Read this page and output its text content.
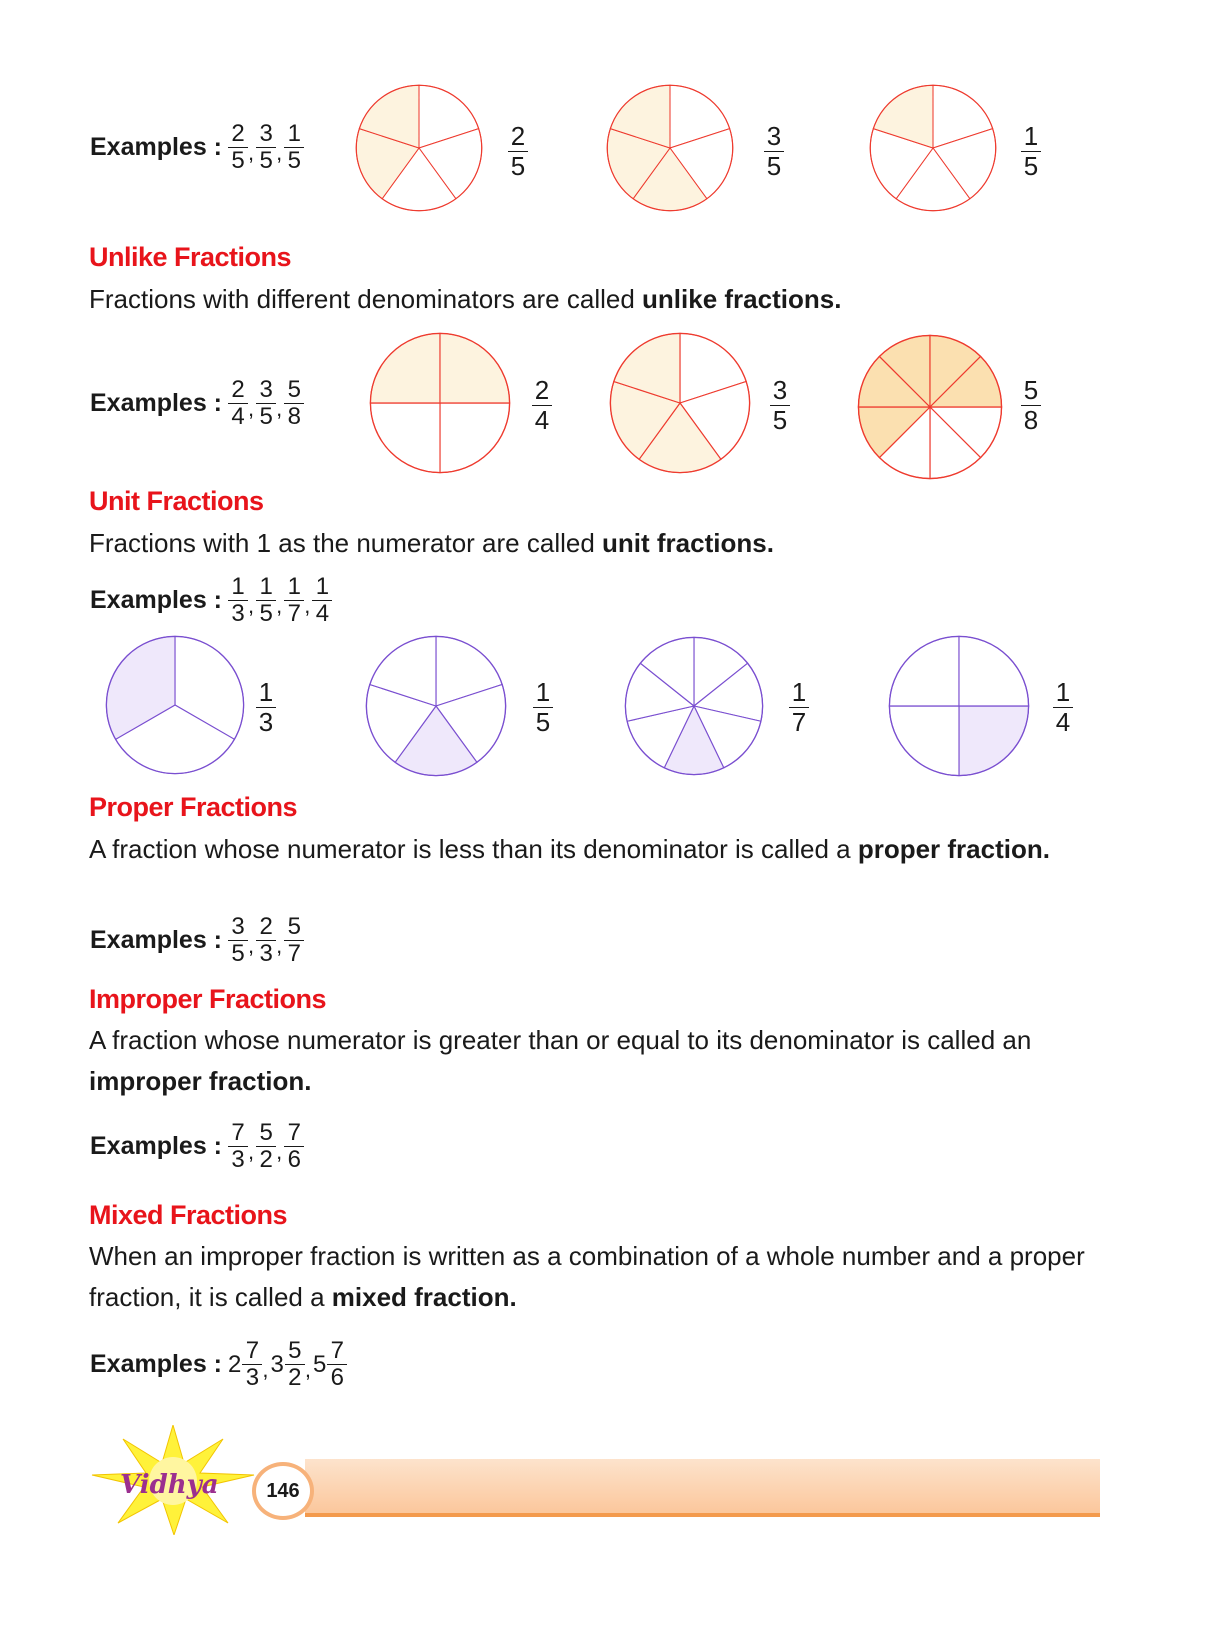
Examples : $\frac{2}{5}$ , $\frac{3}{5}$ , $\frac{1}{5}$
Unlike Fractions
Fractions with different denominators are called unlike fractions.
Examples : $\frac{2}{4}$ , $\frac{3}{5}$ , $\frac{5}{8}$
Unit Fractions
Fractions with 1 as the numerator are called unit fractions.
Examples : $\frac{1}{3}$ , $\frac{1}{5}$ , $\frac{1}{7}$ , $\frac{1}{4}$
Proper Fractions
A fraction whose numerator is less than its denominator is called a proper fraction.
Examples : $\frac{3}{5}$ , $\frac{2}{3}$ , $\frac{5}{7}$
Improper Fractions
A fraction whose numerator is greater than or equal to its denominator is called an improper fraction.
Examples : $\frac{7}{3}$ , $\frac{5}{2}$ , $\frac{7}{6}$
Mixed Fractions
When an improper fraction is written as a combination of a whole number and a proper fraction, it is called a mixed fraction.
Examples : $2 \frac{7}{3}$ , $3 \frac{5}{2}$ , $5 \frac{7}{6}$
Vidhya	146
2
5
3
5
1
5
2
4
3
5
5
8
1
3
1
5
1
7
1
4
